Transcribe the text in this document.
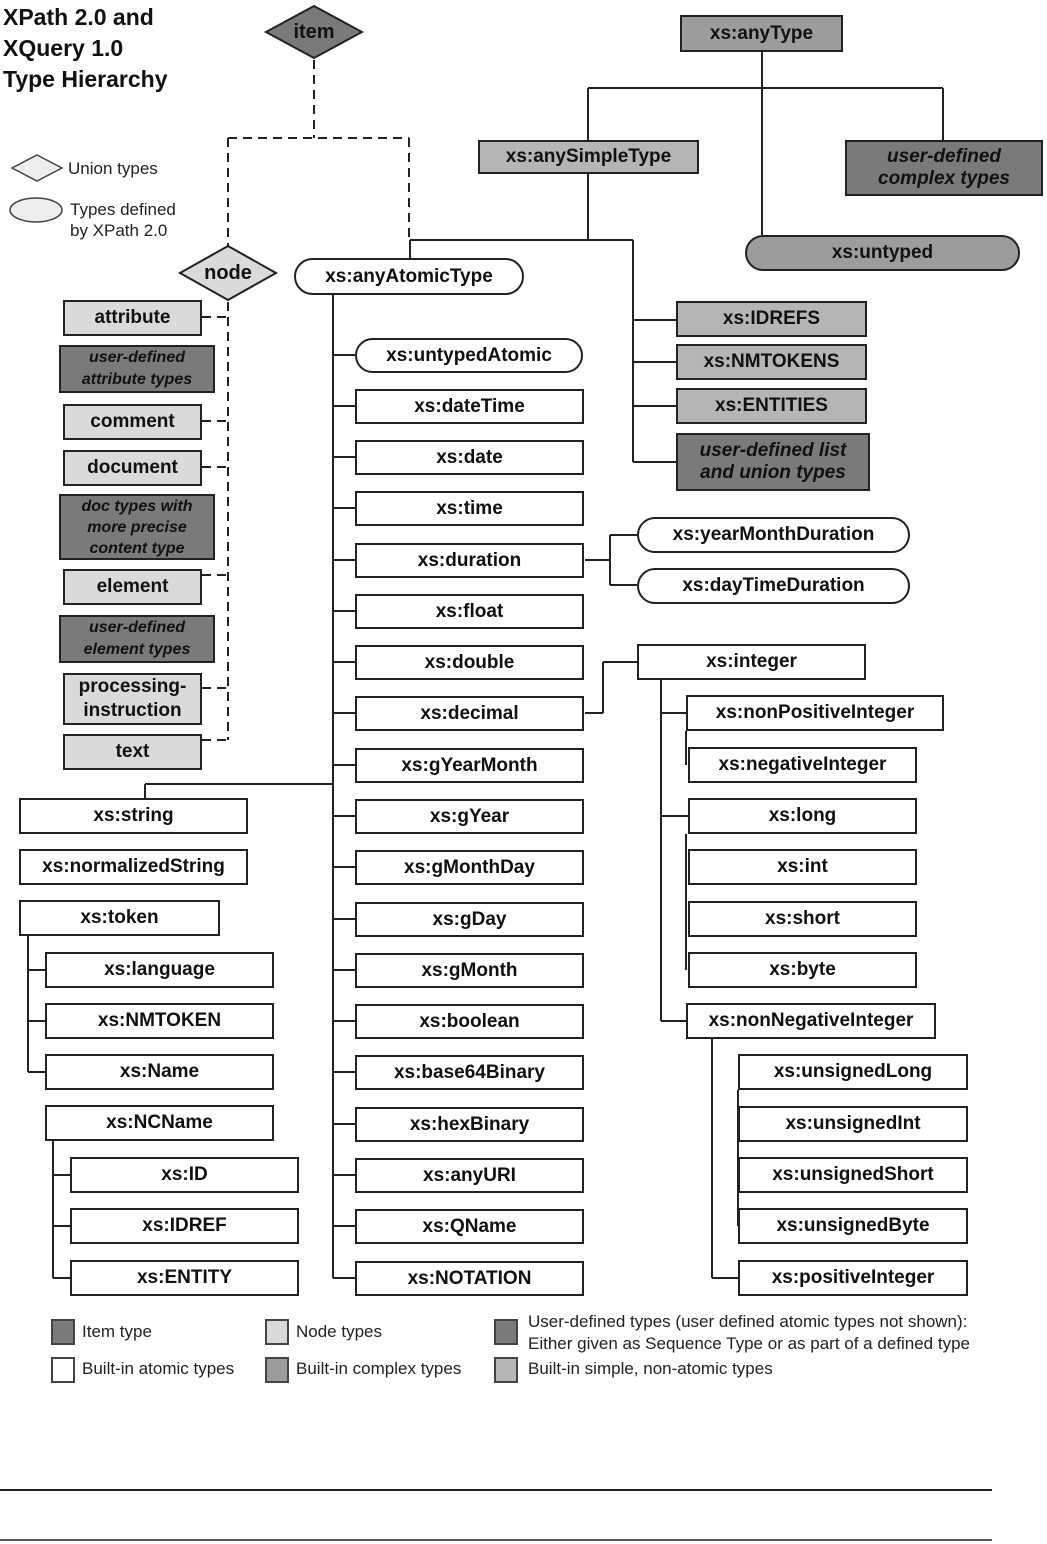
XPath 2.0 and
XQuery 1.0
Type Hierarchy
Union types
Types defined
by XPath 2.0
item
node
xs:anyType
xs:anySimpleType	user-defined
complex types
xs:untyped
xs:IDREFS
xs:NMTOKENS
xs:ENTITIES
user-defined list
and union types
xs:anyAtomicType
attribute
user-defined
attribute types
comment
document
doc types with
more precise
content type
element
user-defined
element types
processing-
instruction
text
xs:untypedAtomic
xs:dateTime
xs:date
xs:time
xs:duration
xs:float
xs:double
xs:decimal
xs:gYearMonth
xs:gYear
xs:gMonthDay
xs:gDay
xs:gMonth
xs:boolean
xs:base64Binary
xs:hexBinary
xs:anyURI
xs:QName
xs:NOTATION
xs:yearMonthDuration
xs:dayTimeDuration
xs:string
xs:normalizedString
xs:token
xs:language
xs:NMTOKEN
xs:Name
xs:NCName
xs:ID
xs:IDREF
xs:ENTITY
xs:integer
xs:nonPositiveInteger
xs:negativeInteger
xs:long
xs:int
xs:short
xs:byte
xs:nonNegativeInteger
xs:unsignedLong
xs:unsignedInt
xs:unsignedShort
xs:unsignedByte
xs:positiveInteger
Item type
Built-in atomic types
Node types
Built-in complex types
User-defined types (user defined atomic types not shown):
Either given as Sequence Type or as part of a defined type
Built-in simple, non-atomic types
